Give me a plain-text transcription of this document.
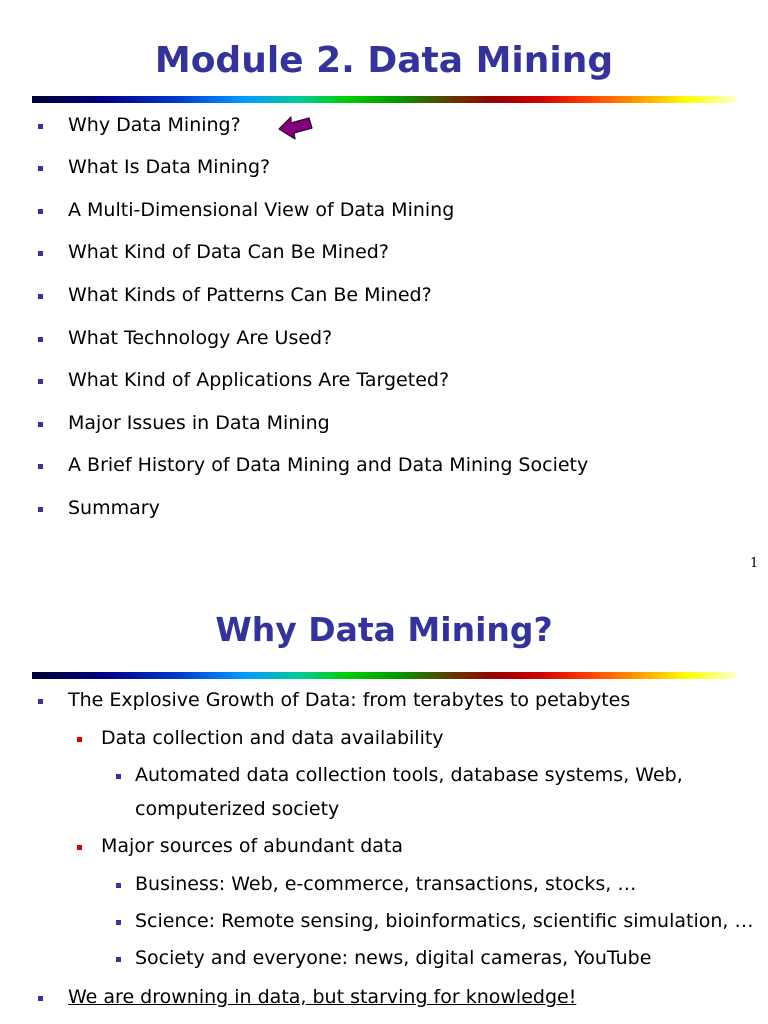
Module 2. Data Mining
Why Data Mining?
What Is Data Mining?
A Multi-Dimensional View of Data Mining
What Kind of Data Can Be Mined?
What Kinds of Patterns Can Be Mined?
What Technology Are Used?
What Kind of Applications Are Targeted?
Major Issues in Data Mining
A Brief History of Data Mining and Data Mining Society
Summary
1
Why Data Mining?
The Explosive Growth of Data: from terabytes to petabytes
Data collection and data availability
Automated data collection tools, database systems, Web,
computerized society
Major sources of abundant data
Business: Web, e-commerce, transactions, stocks, …
Science: Remote sensing, bioinformatics, scientific simulation, …
Society and everyone: news, digital cameras, YouTube
We are drowning in data, but starving for knowledge!
